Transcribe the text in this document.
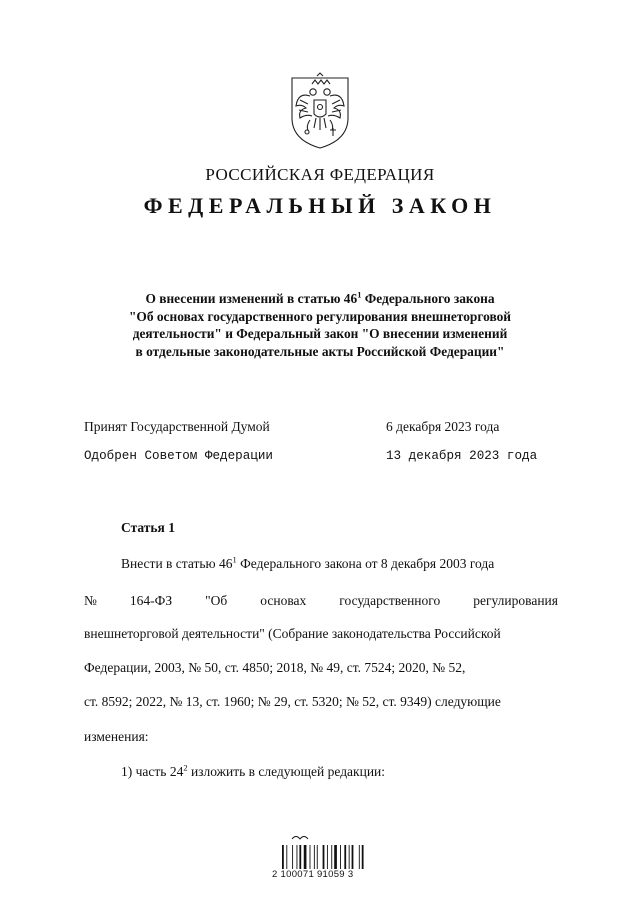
РОССИЙСКАЯ ФЕДЕРАЦИЯ
ФЕДЕРАЛЬНЫЙ ЗАКОН
О внесении изменений в статью $46^1$ Федерального закона
"Об основах государственного регулирования внешнеторговой
деятельности" и Федеральный закон "О внесении изменений
в отдельные законодательные акты Российской Федерации"
Принят Государственной Думой	6 декабря 2023 года
Одобрен Советом Федерации	13 декабря 2023 года
Статья 1
Внести в статью $46^1$ Федерального закона от 8 декабря 2003 года
№ 164-ФЗ "Об основах государственного регулирования
внешнеторговой деятельности" (Собрание законодательства Российской
Федерации, 2003, № 50, ст. 4850; 2018, № 49, ст. 7524; 2020, № 52,
ст. 8592; 2022, № 13, ст. 1960; № 29, ст. 5320; № 52, ст. 9349) следующие
изменения:
1) часть $24^2$ изложить в следующей редакции:
2 100071 91059 3
